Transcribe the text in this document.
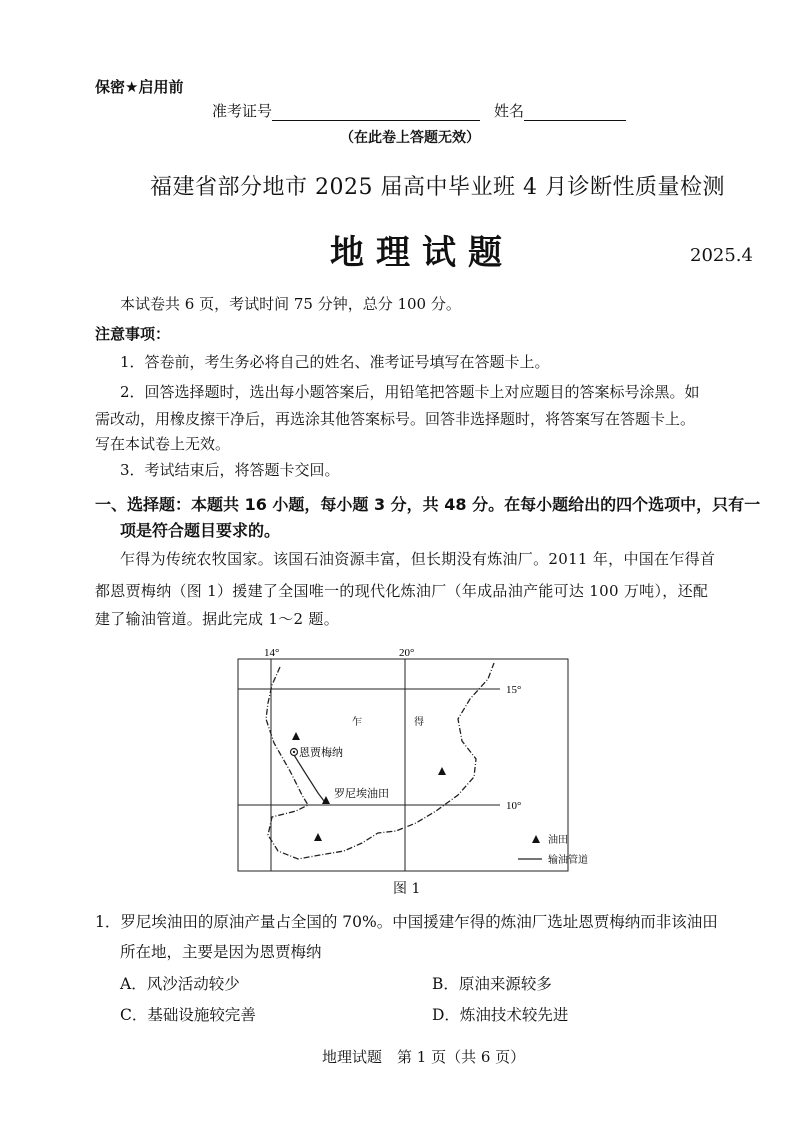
保密★启用前
准考证号	姓名
（在此卷上答题无效）
福建省部分地市 2025 届高中毕业班 4 月诊断性质量检测
地理试题	2025.4
本试卷共 6 页，考试时间 75 分钟，总分 100 分。
注意事项：
1．答卷前，考生务必将自己的姓名、准考证号填写在答题卡上。
2．回答选择题时，选出每小题答案后，用铅笔把答题卡上对应题目的答案标号涂黑。如
需改动，用橡皮擦干净后，再选涂其他答案标号。回答非选择题时，将答案写在答题卡上。
写在本试卷上无效。
3．考试结束后，将答题卡交回。
一、选择题：本题共 16 小题，每小题 3 分，共 48 分。在每小题给出的四个选项中，只有一
项是符合题目要求的。
乍得为传统农牧国家。该国石油资源丰富，但长期没有炼油厂。2011 年，中国在乍得首
都恩贾梅纳（图 1）援建了全国唯一的现代化炼油厂（年成品油产能可达 100 万吨），还配
建了输油管道。据此完成 1～2 题。
14°	20°
15°
10°
乍	得
恩贾梅纳
罗尼埃油田
油田
输油管道
图 1
1．罗尼埃油田的原油产量占全国的 70%。中国援建乍得的炼油厂选址恩贾梅纳而非该油田
所在地，主要是因为恩贾梅纳
A．风沙活动较少	B．原油来源较多
C．基础设施较完善	D．炼油技术较先进
地理试题　第 1 页（共 6 页）
